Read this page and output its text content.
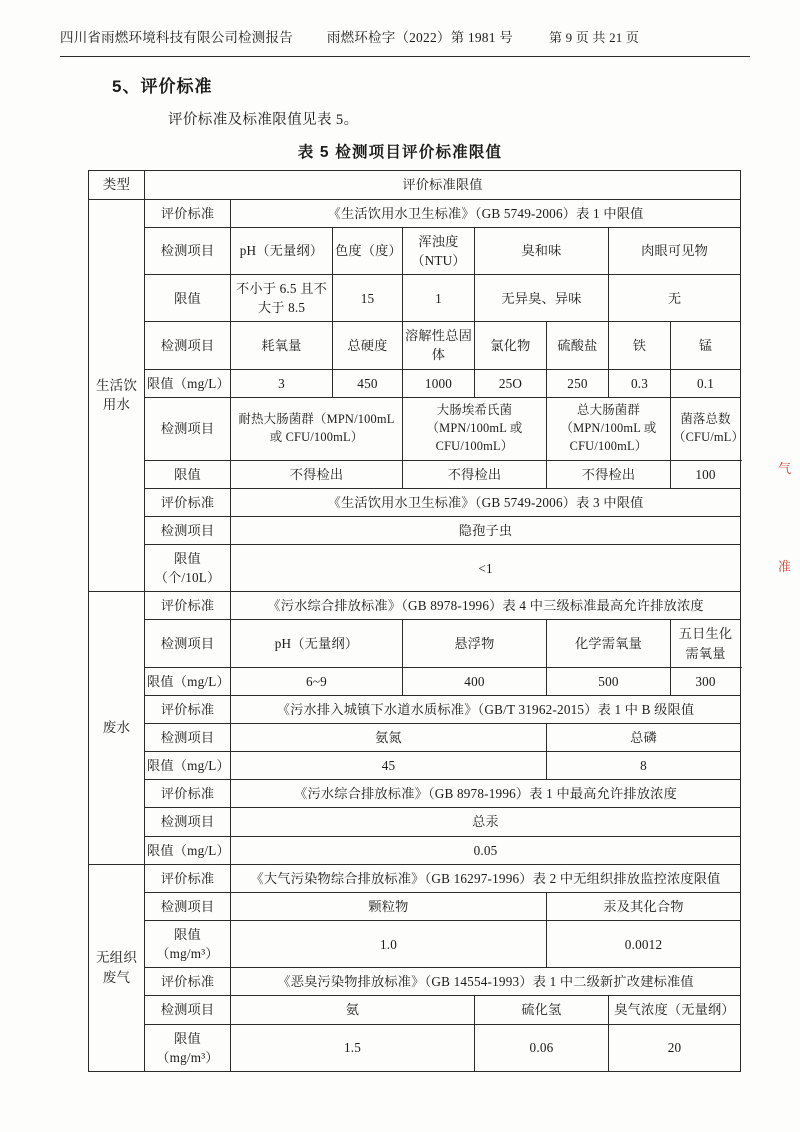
四川省雨燃环境科技有限公司检测报告	雨燃环检字（2022）第 1981 号	第 9 页 共 21 页
5、评价标准
评价标准及标准限值见表 5。
表 5 检测项目评价标准限值
类型	评价标准限值							
生活饮用水	评价标准	《生活饮用水卫生标准》（GB 5749-2006）表 1 中限值						
	检测项目	pH（无量纲）	色度（度）	浑浊度（NTU）	臭和味		肉眼可见物	
	限值	不小于 6.5 且不大于 8.5	15	1	无异臭、异味		无	
	检测项目	耗氧量	总硬度	溶解性总固体	氯化物	硫酸盐	铁	锰
	限值（mg/L）	3	450	1000	25O	250	0.3	0.1
	检测项目	耐热大肠菌群（MPN/100mL 或 CFU/100mL）		大肠埃希氏菌（MPN/100mL 或 CFU/100mL）		总大肠菌群（MPN/100mL 或 CFU/100mL）		菌落总数（CFU/mL）
	限值	不得检出		不得检出		不得检出		100
	评价标准	《生活饮用水卫生标准》（GB 5749-2006）表 3 中限值						
	检测项目	隐孢子虫						
	限值（个/10L）	<1						
废水	评价标准	《污水综合排放标准》（GB 8978-1996）表 4 中三级标准最高允许排放浓度						
	检测项目	pH（无量纲）		悬浮物		化学需氧量		五日生化需氧量
	限值（mg/L）	6~9		400		500		300
	评价标准	《污水排入城镇下水道水质标准》（GB/T 31962-2015）表 1 中 B 级限值						
	检测项目	氨氮				总磷		
	限值（mg/L）	45				8		
	评价标准	《污水综合排放标准》（GB 8978-1996）表 1 中最高允许排放浓度						
	检测项目	总汞						
	限值（mg/L）	0.05						
无组织废气	评价标准	《大气污染物综合排放标准》（GB 16297-1996）表 2 中无组织排放监控浓度限值						
	检测项目	颗粒物				汞及其化合物		
	限值（mg/m³）	1.0				0.0012		
	评价标准	《恶臭污染物排放标准》（GB 14554-1993）表 1 中二级新扩改建标准值						
	检测项目	氨			硫化氢		臭气浓度（无量纲）	
	限值（mg/m³）	1.5			0.06		20	
气
准
